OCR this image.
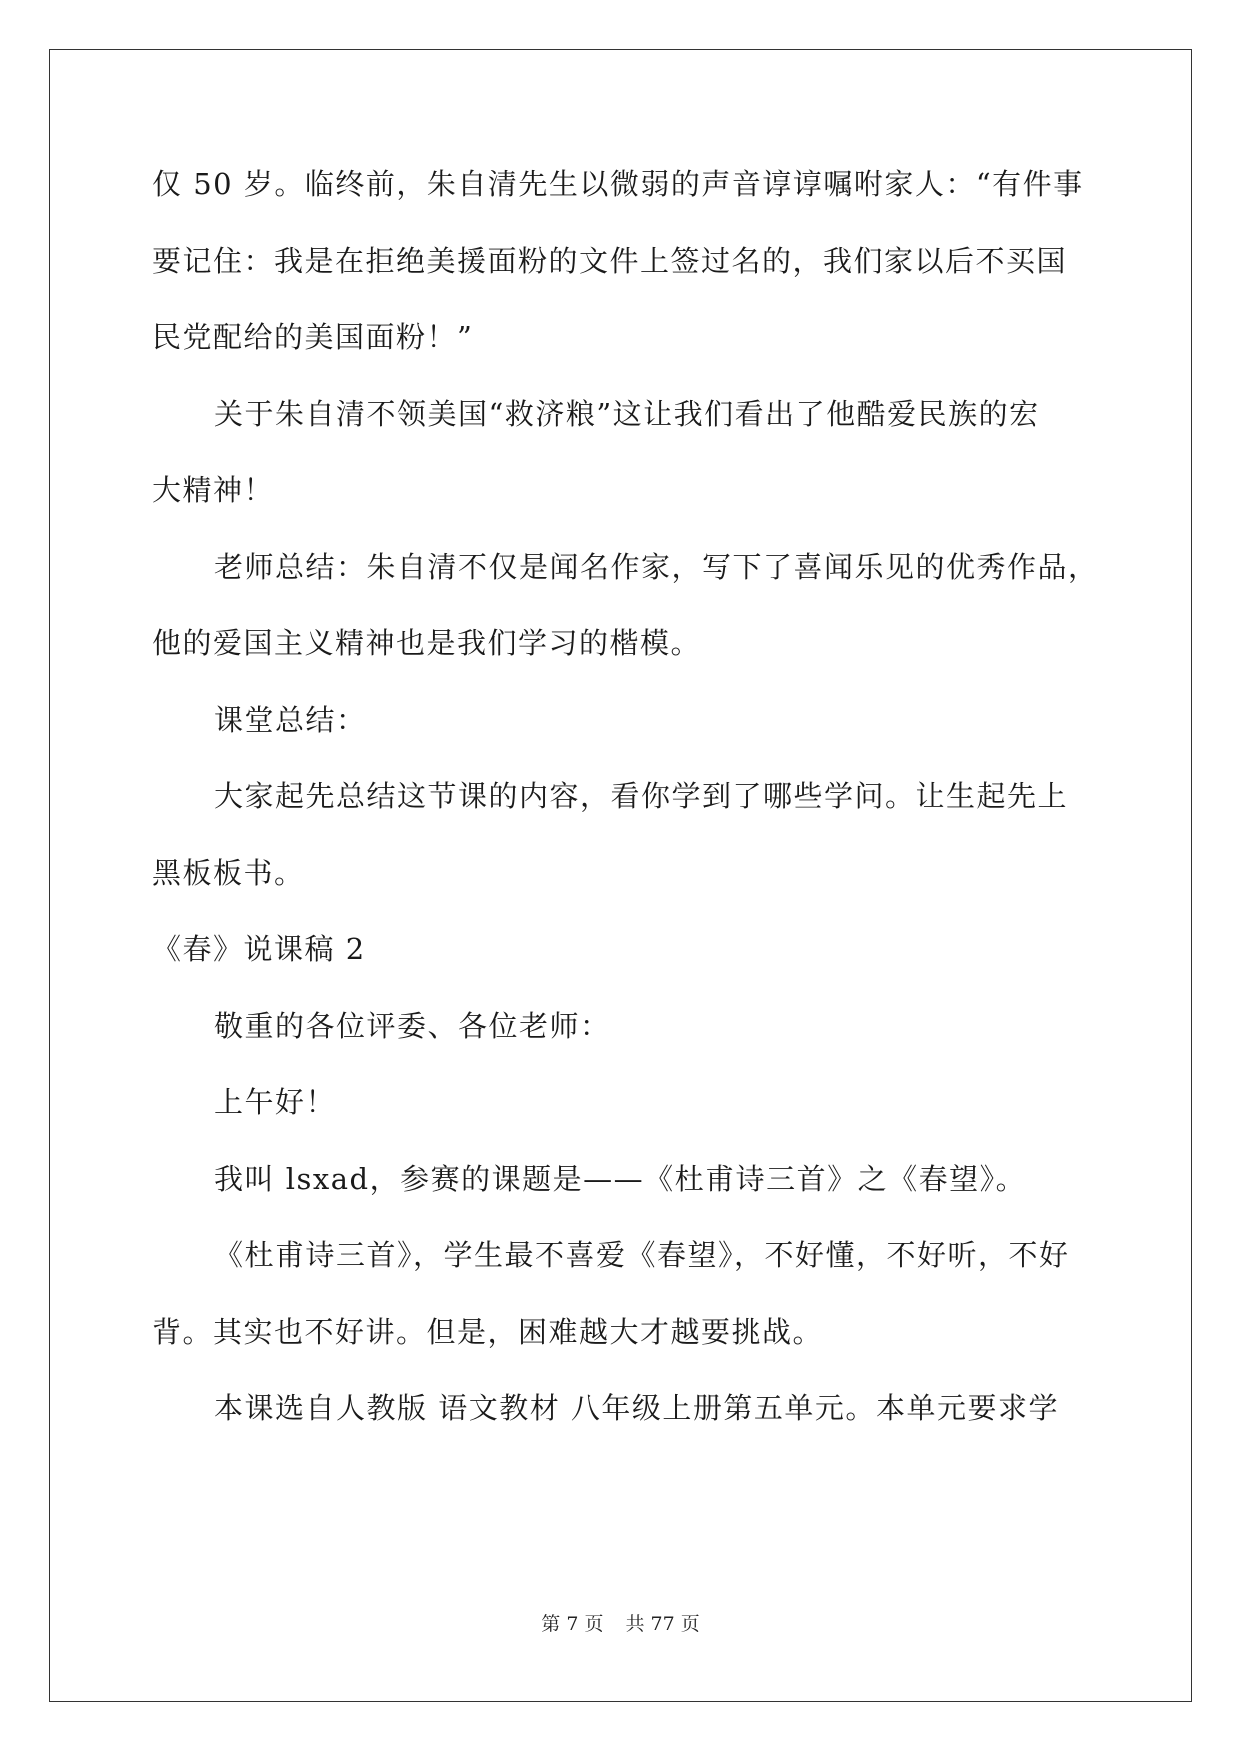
仅 50 岁。临终前，朱自清先生以微弱的声音谆谆嘱咐家人：“有件事
要记住：我是在拒绝美援面粉的文件上签过名的，我们家以后不买国
民党配给的美国面粉！”
关于朱自清不领美国“救济粮”这让我们看出了他酷爱民族的宏
大精神！
老师总结：朱自清不仅是闻名作家，写下了喜闻乐见的优秀作品，
他的爱国主义精神也是我们学习的楷模。
课堂总结：
大家起先总结这节课的内容，看你学到了哪些学问。让生起先上
黑板板书。
《春》说课稿 2
敬重的各位评委、各位老师：
上午好！
我叫 lsxad，参赛的课题是——《杜甫诗三首》之《春望》。
《杜甫诗三首》，学生最不喜爱《春望》，不好懂，不好听，不好
背。其实也不好讲。但是，困难越大才越要挑战。
本课选自人教版 语文教材 八年级上册第五单元。本单元要求学
第 7 页 共 77 页
